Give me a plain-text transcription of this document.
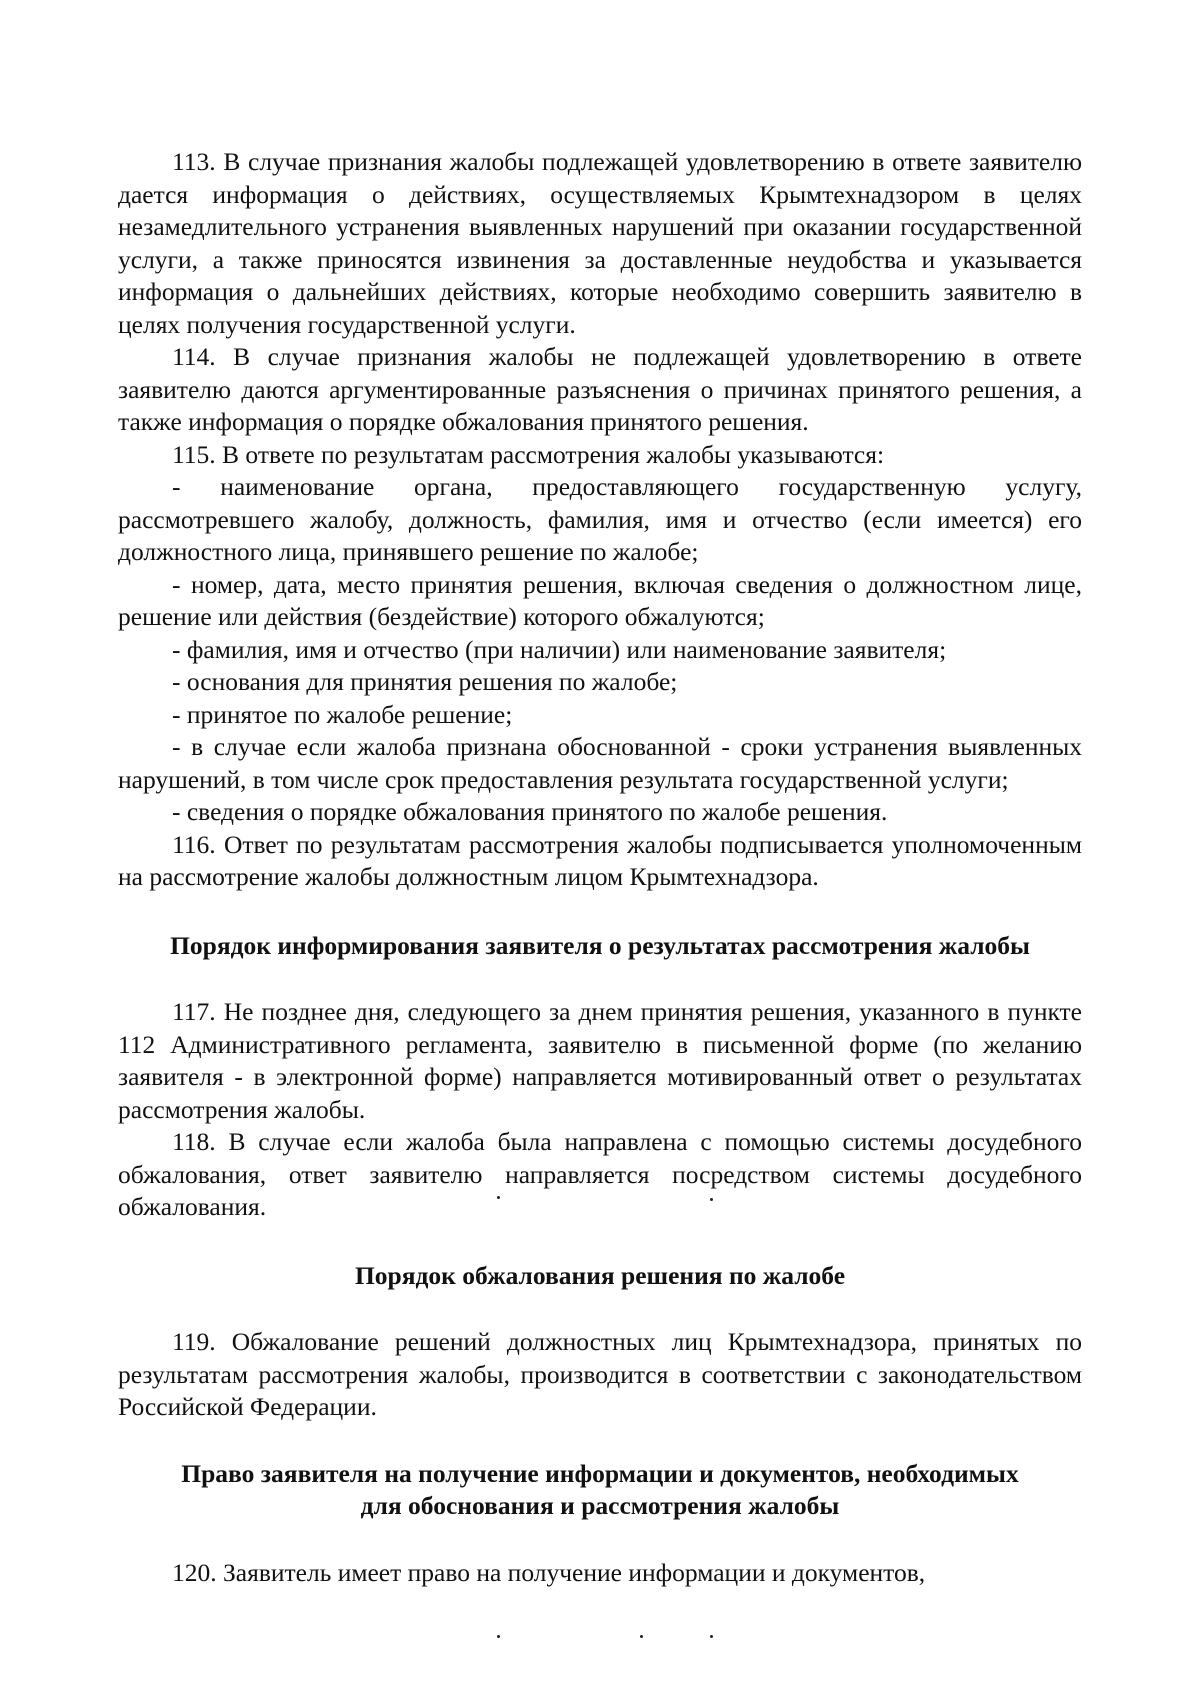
113. В случае признания жалобы подлежащей удовлетворению в ответе заявителю дается информация о действиях, осуществляемых Крымтехнадзором в целях незамедлительного устранения выявленных нарушений при оказании государственной услуги, а также приносятся извинения за доставленные неудобства и указывается информация о дальнейших действиях, которые необходимо совершить заявителю в целях получения государственной услуги.

114. В случае признания жалобы не подлежащей удовлетворению в ответе заявителю даются аргументированные разъяснения о причинах принятого решения, а также информация о порядке обжалования принятого решения.

115. В ответе по результатам рассмотрения жалобы указываются:

- наименование органа, предоставляющего государственную услугу, рассмотревшего жалобу, должность, фамилия, имя и отчество (если имеется) его должностного лица, принявшего решение по жалобе;

- номер, дата, место принятия решения, включая сведения о должностном лице, решение или действия (бездействие) которого обжалуются;

- фамилия, имя и отчество (при наличии) или наименование заявителя;

- основания для принятия решения по жалобе;

- принятое по жалобе решение;

- в случае если жалоба признана обоснованной - сроки устранения выявленных нарушений, в том числе срок предоставления результата государственной услуги;

- сведения о порядке обжалования принятого по жалобе решения.

116. Ответ по результатам рассмотрения жалобы подписывается уполномоченным на рассмотрение жалобы должностным лицом Крымтехнадзора.

Порядок информирования заявителя о результатах рассмотрения жалобы

117. Не позднее дня, следующего за днем принятия решения, указанного в пункте 112 Административного регламента, заявителю в письменной форме (по желанию заявителя - в электронной форме) направляется мотивированный ответ о результатах рассмотрения жалобы.

118. В случае если жалоба была направлена с помощью системы досудебного обжалования, ответ заявителю направляется посредством системы досудебного обжалования.

Порядок обжалования решения по жалобе

119. Обжалование решений должностных лиц Крымтехнадзора, принятых по результатам рассмотрения жалобы, производится в соответствии с законодательством Российской Федерации.

Право заявителя на получение информации и документов, необходимых
для обоснования и рассмотрения жалобы

120. Заявитель имеет право на получение информации и документов,
